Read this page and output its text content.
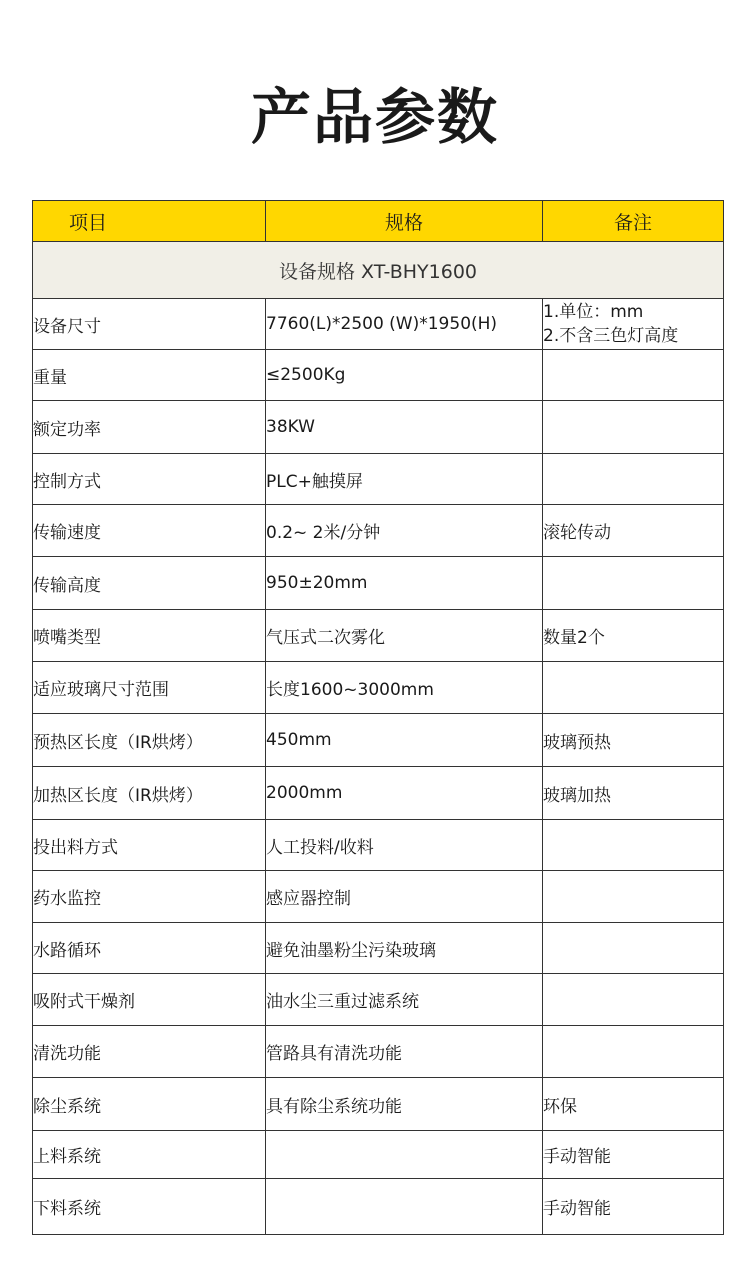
产品参数
项目	规格	备注
设备规格 XT-BHY1600		
设备尺寸	7760(L)*2500 (W)*1950(H)	1.单位：mm
2.不含三色灯高度

重量	≤2500Kg	
额定功率	38KW	
控制方式	PLC+触摸屏	
传输速度	0.2~ 2米/分钟	滚轮传动

传输高度	950±20mm	
喷嘴类型	气压式二次雾化	数量2个

适应玻璃尺寸范围	长度1600~3000mm	
预热区长度（IR烘烤）	450mm	玻璃预热

加热区长度（IR烘烤）	2000mm	玻璃加热

投出料方式	人工投料/收料	
药水监控	感应器控制	
水路循环	避免油墨粉尘污染玻璃	
吸附式干燥剂	油水尘三重过滤系统	
清洗功能	管路具有清洗功能	
除尘系统	具有除尘系统功能	环保

上料系统		手动智能

下料系统		手动智能
